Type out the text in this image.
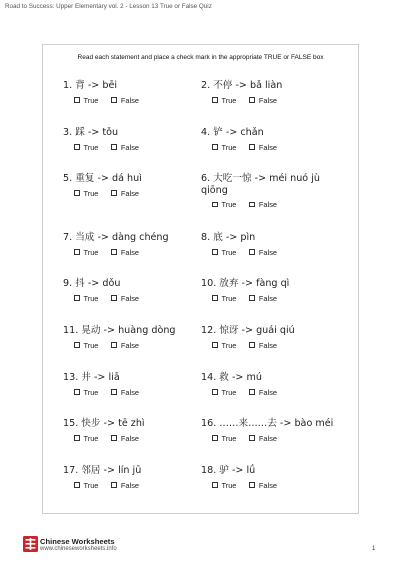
Road to Success: Upper Elementary vol. 2 - Lesson 13 True or False Quiz
Read each statement and place a check mark in the appropriate TRUE or FALSE box
1. 背 -> bēi
True	False
2. 不停 -> bǎ liàn
True	False
3. 踩 -> tǒu
True	False
4. 铲 -> chǎn
True	False
5. 重复 -> dá huì
True	False
6. 大吃一惊 -> méi nuó jù qiōng
True	False
7. 当成 -> dàng chéng
True	False
8. 底 -> pìn
True	False
9. 抖 -> dǒu
True	False
10. 放弃 -> fàng qì
True	False
11. 晃动 -> huàng dòng
True	False
12. 惊讶 -> guái qiú
True	False
13. 井 -> liā
True	False
14. 救 -> mú
True	False
15. 快步 -> tē zhì
True	False
16. ……来……去 -> bào méi
True	False
17. 邻居 -> lín jū
True	False
18. 驴 -> lǘ
True	False
Chinese Worksheets
www.chineseworksheets.info	1
